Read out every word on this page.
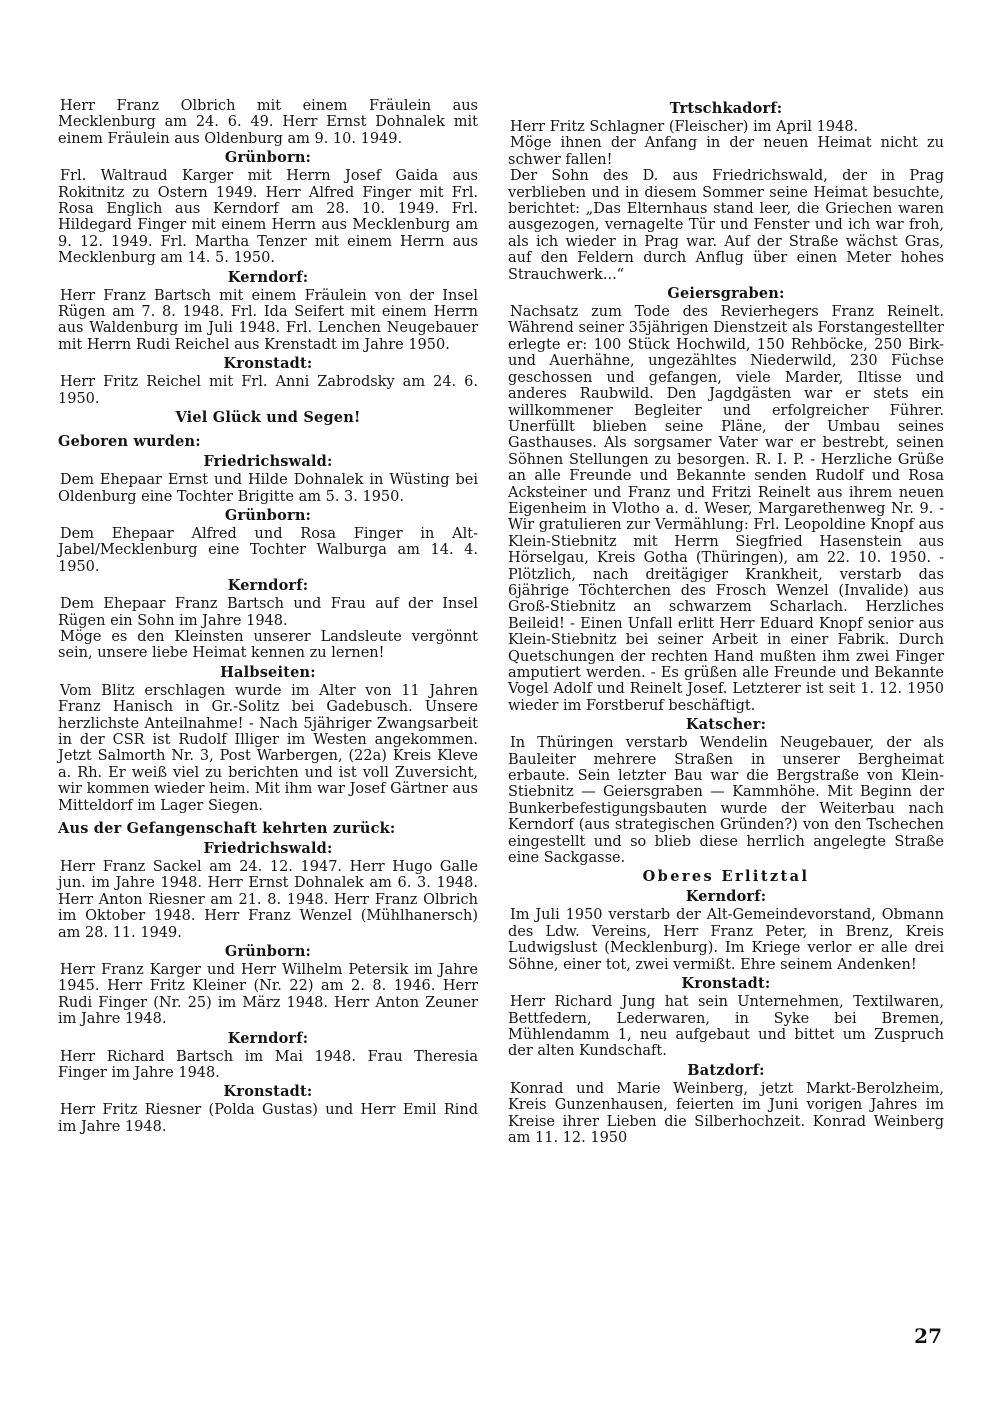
Herr Franz Olbrich mit einem Fräulein aus Mecklenburg am 24. 6. 49. Herr Ernst Dohnalek mit einem Fräulein aus Oldenburg am 9. 10. 1949.

Grünborn:

Frl. Waltraud Karger mit Herrn Josef Gaida aus Rokitnitz zu Ostern 1949. Herr Alfred Finger mit Frl. Rosa Englich aus Kerndorf am 28. 10. 1949. Frl. Hildegard Finger mit einem Herrn aus Mecklenburg am 9. 12. 1949. Frl. Martha Tenzer mit einem Herrn aus Mecklenburg am 14. 5. 1950.

Kerndorf:

Herr Franz Bartsch mit einem Fräulein von der Insel Rügen am 7. 8. 1948. Frl. Ida Seifert mit einem Herrn aus Waldenburg im Juli 1948. Frl. Lenchen Neugebauer mit Herrn Rudi Reichel aus Krenstadt im Jahre 1950.

Kronstadt:

Herr Fritz Reichel mit Frl. Anni Zabrodsky am 24. 6. 1950.

Viel Glück und Segen!
Geboren wurden:
Friedrichswald:

Dem Ehepaar Ernst und Hilde Dohnalek in Wüsting bei Oldenburg eine Tochter Brigitte am 5. 3. 1950.

Grünborn:

Dem Ehepaar Alfred und Rosa Finger in Alt-Jabel/Mecklenburg eine Tochter Walburga am 14. 4. 1950.

Kerndorf:

Dem Ehepaar Franz Bartsch und Frau auf der Insel Rügen ein Sohn im Jahre 1948.

Möge es den Kleinsten unserer Landsleute vergönnt sein, unsere liebe Heimat kennen zu lernen!

Halbseiten:

Vom Blitz erschlagen wurde im Alter von 11 Jahren Franz Hanisch in Gr.-Solitz bei Gadebusch. Unsere herzlichste Anteilnahme! - Nach 5jähriger Zwangsarbeit in der CSR ist Rudolf Illiger im Westen angekommen. Jetzt Salmorth Nr. 3, Post Warbergen, (22a) Kreis Kleve a. Rh. Er weiß viel zu berichten und ist voll Zuversicht, wir kommen wieder heim. Mit ihm war Josef Gärtner aus Mitteldorf im Lager Siegen.

Aus der Gefangenschaft kehrten zurück:
Friedrichswald:

Herr Franz Sackel am 24. 12. 1947. Herr Hugo Galle jun. im Jahre 1948. Herr Ernst Dohnalek am 6. 3. 1948. Herr Anton Riesner am 21. 8. 1948. Herr Franz Olbrich im Oktober 1948. Herr Franz Wenzel (Mühlhanersch) am 28. 11. 1949.

Grünborn:

Herr Franz Karger und Herr Wilhelm Petersik im Jahre 1945. Herr Fritz Kleiner (Nr. 22) am 2. 8. 1946. Herr Rudi Finger (Nr. 25) im März 1948. Herr Anton Zeuner im Jahre 1948.

Kerndorf:

Herr Richard Bartsch im Mai 1948. Frau Theresia Finger im Jahre 1948.

Kronstadt:

Herr Fritz Riesner (Polda Gustas) und Herr Emil Rind im Jahre 1948.

Trtschkadorf:

Herr Fritz Schlagner (Fleischer) im April 1948.

Möge ihnen der Anfang in der neuen Heimat nicht zu schwer fallen!

Der Sohn des D. aus Friedrichswald, der in Prag verblieben und in diesem Sommer seine Heimat besuchte, berichtet: „Das Elternhaus stand leer, die Griechen waren ausgezogen, vernagelte Tür und Fenster und ich war froh, als ich wieder in Prag war. Auf der Straße wächst Gras, auf den Feldern durch Anflug über einen Meter hohes Strauchwerk...“

Geiersgraben:

Nachsatz zum Tode des Revierhegers Franz Reinelt. Während seiner 35jährigen Dienstzeit als Forstangestellter erlegte er: 100 Stück Hochwild, 150 Rehböcke, 250 Birk- und Auerhähne, ungezähltes Niederwild, 230 Füchse geschossen und gefangen, viele Marder, Iltisse und anderes Raubwild. Den Jagdgästen war er stets ein willkommener Begleiter und erfolgreicher Führer. Unerfüllt blieben seine Pläne, der Umbau seines Gasthauses. Als sorgsamer Vater war er bestrebt, seinen Söhnen Stellungen zu besorgen. R. I. P. - Herzliche Grüße an alle Freunde und Bekannte senden Rudolf und Rosa Acksteiner und Franz und Fritzi Reinelt aus ihrem neuen Eigenheim in Vlotho a. d. Weser, Margarethenweg Nr. 9. - Wir gratulieren zur Vermählung: Frl. Leopoldine Knopf aus Klein-Stiebnitz mit Herrn Siegfried Hasenstein aus Hörselgau, Kreis Gotha (Thüringen), am 22. 10. 1950. - Plötzlich, nach dreitägiger Krankheit, verstarb das 6jährige Töchterchen des Frosch Wenzel (Invalide) aus Groß-Stiebnitz an schwarzem Scharlach. Herzliches Beileid! - Einen Unfall erlitt Herr Eduard Knopf senior aus Klein-Stiebnitz bei seiner Arbeit in einer Fabrik. Durch Quetschungen der rechten Hand mußten ihm zwei Finger amputiert werden. - Es grüßen alle Freunde und Bekannte Vogel Adolf und Reinelt Josef. Letzterer ist seit 1. 12. 1950 wieder im Forstberuf beschäftigt.

Katscher:

In Thüringen verstarb Wendelin Neugebauer, der als Bauleiter mehrere Straßen in unserer Bergheimat erbaute. Sein letzter Bau war die Bergstraße von Klein-Stiebnitz — Geiersgraben — Kammhöhe. Mit Beginn der Bunkerbefestigungsbauten wurde der Weiterbau nach Kerndorf (aus strategischen Gründen?) von den Tschechen eingestellt und so blieb diese herrlich angelegte Straße eine Sackgasse.

Oberes Erlitztal
Kerndorf:

Im Juli 1950 verstarb der Alt-Gemeindevorstand, Obmann des Ldw. Vereins, Herr Franz Peter, in Brenz, Kreis Ludwigslust (Mecklenburg). Im Kriege verlor er alle drei Söhne, einer tot, zwei vermißt. Ehre seinem Andenken!

Kronstadt:

Herr Richard Jung hat sein Unternehmen, Textilwaren, Bettfedern, Lederwaren, in Syke bei Bremen, Mühlendamm 1, neu aufgebaut und bittet um Zuspruch der alten Kundschaft.

Batzdorf:

Konrad und Marie Weinberg, jetzt Markt-Berolzheim, Kreis Gunzenhausen, feierten im Juni vorigen Jahres im Kreise ihrer Lieben die Silberhochzeit. Konrad Weinberg am 11. 12. 1950

27
